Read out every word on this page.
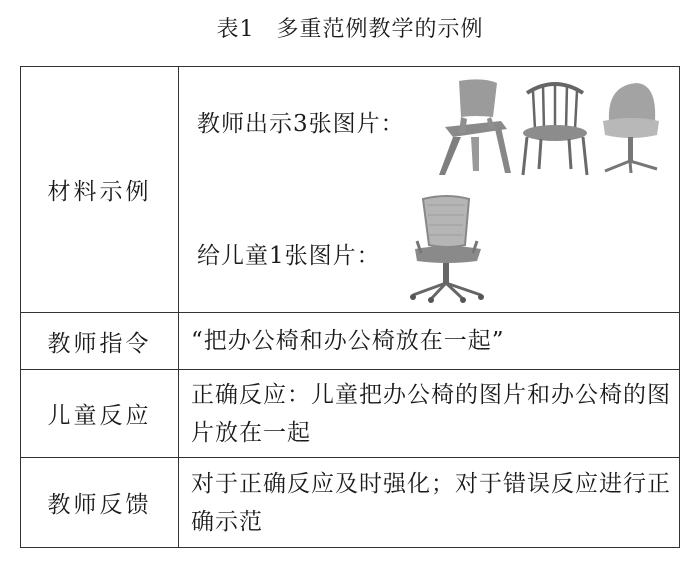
表1 多重范例教学的示例
材料示例	教师出示3张图片：
给儿童1张图片：

教师指令	“把办公椅和办公椅放在一起”
儿童反应	正确反应：儿童把办公椅的图片和办公椅的图片放在一起
教师反馈	对于正确反应及时强化；对于错误反应进行正确示范
